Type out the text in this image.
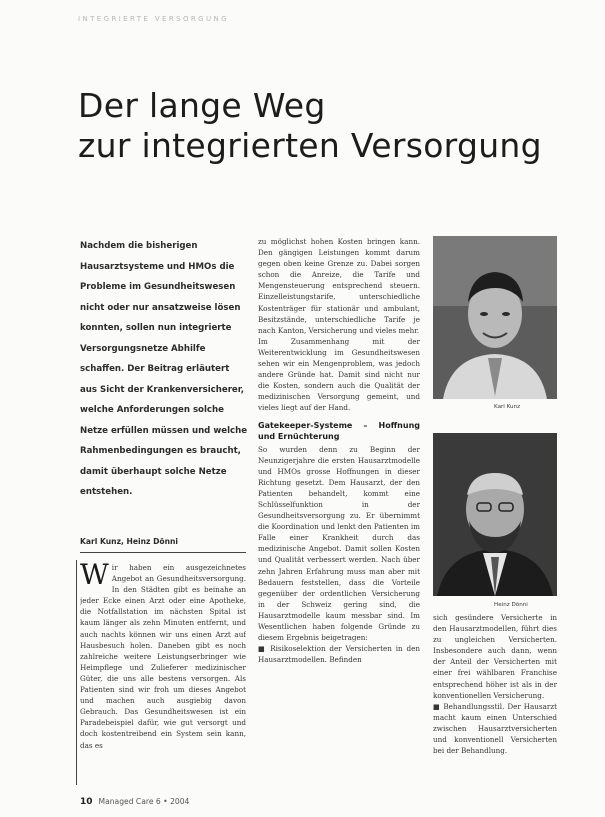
INTEGRIERTE VERSORGUNG
Der lange Weg
zur integrierten Versorgung

Nachdem die bisherigen Hausarztsysteme und HMOs die Probleme im Gesundheitswesen nicht oder nur ansatzweise lösen konnten, sollen nun integrierte Versorgungsnetze Abhilfe schaffen. Der Beitrag erläutert aus Sicht der Krankenversicherer, welche Anforderungen solche Netze erfüllen müssen und welche Rahmenbedingungen es braucht, damit überhaupt solche Netze entstehen.

Karl Kunz, Heinz Dönni

W ir haben ein ausgezeichnetes Angebot an Gesundheitsversorgung. In den Städten gibt es beinahe an jeder Ecke einen Arzt oder eine Apotheke, die Notfallstation im nächsten Spital ist kaum länger als zehn Minuten entfernt, und auch nachts können wir uns einen Arzt auf Hausbesuch holen. Daneben gibt es noch zahlreiche weitere Leistungserbringer wie Heimpflege und Zulieferer medizinischer Güter, die uns alle bestens versorgen. Als Patienten sind wir froh um dieses Angebot und machen auch ausgiebig davon Gebrauch. Das Gesundheitswesen ist ein Paradebeispiel dafür, wie gut versorgt und doch kostentreibend ein System sein kann, das es

zu möglichst hohen Kosten bringen kann. Den gängigen Leistungen kommt darum gegen oben keine Grenze zu. Dabei sorgen schon die Anreize, die Tarife und Mengensteuerung entsprechend steuern. Einzelleistungstarife, unterschiedliche Kostenträger für stationär und ambulant, Besitzstände, unterschiedliche Tarife je nach Kanton, Versicherung und vieles mehr.

Im Zusammenhang mit der Weiterentwicklung im Gesundheitswesen sehen wir ein Mengenproblem, was jedoch andere Gründe hat. Damit sind nicht nur die Kosten, sondern auch die Qualität der medizinischen Versorgung gemeint, und vieles liegt auf der Hand.

Gatekeeper-Systeme – Hoffnung und Ernüchterung

So wurden denn zu Beginn der Neunzigerjahre die ersten Hausarztmodelle und HMOs grosse Hoffnungen in dieser Richtung gesetzt. Dem Hausarzt, der den Patienten behandelt, kommt eine Schlüsselfunktion in der Gesundheitsversorgung zu. Er übernimmt die Koordination und lenkt den Patienten im Falle einer Krankheit durch das medizinische Angebot. Damit sollen Kosten und Qualität verbessert werden. Nach über zehn Jahren Erfahrung muss man aber mit Bedauern feststellen, dass die Vorteile gegenüber der ordentlichen Versicherung in der Schweiz gering sind, die Hausarztmodelle kaum messbar sind. Im Wesentlichen haben folgende Gründe zu diesem Ergebnis beigetragen:

■ Risikoselektion der Versicherten in den Hausarztmodellen. Befinden

Karl Kunz
Heinz Dönni

sich gesündere Versicherte in den Hausarztmodellen, führt dies zu ungleichen Versicherten. Insbesondere auch dann, wenn der Anteil der Versicherten mit einer frei wählbaren Franchise entsprechend höher ist als in der konventionellen Versicherung.

■ Behandlungsstil. Der Hausarzt macht kaum einen Unterschied zwischen Hausarztversicherten und konventionell Versicherten bei der Behandlung.

10 Managed Care 6 • 2004
